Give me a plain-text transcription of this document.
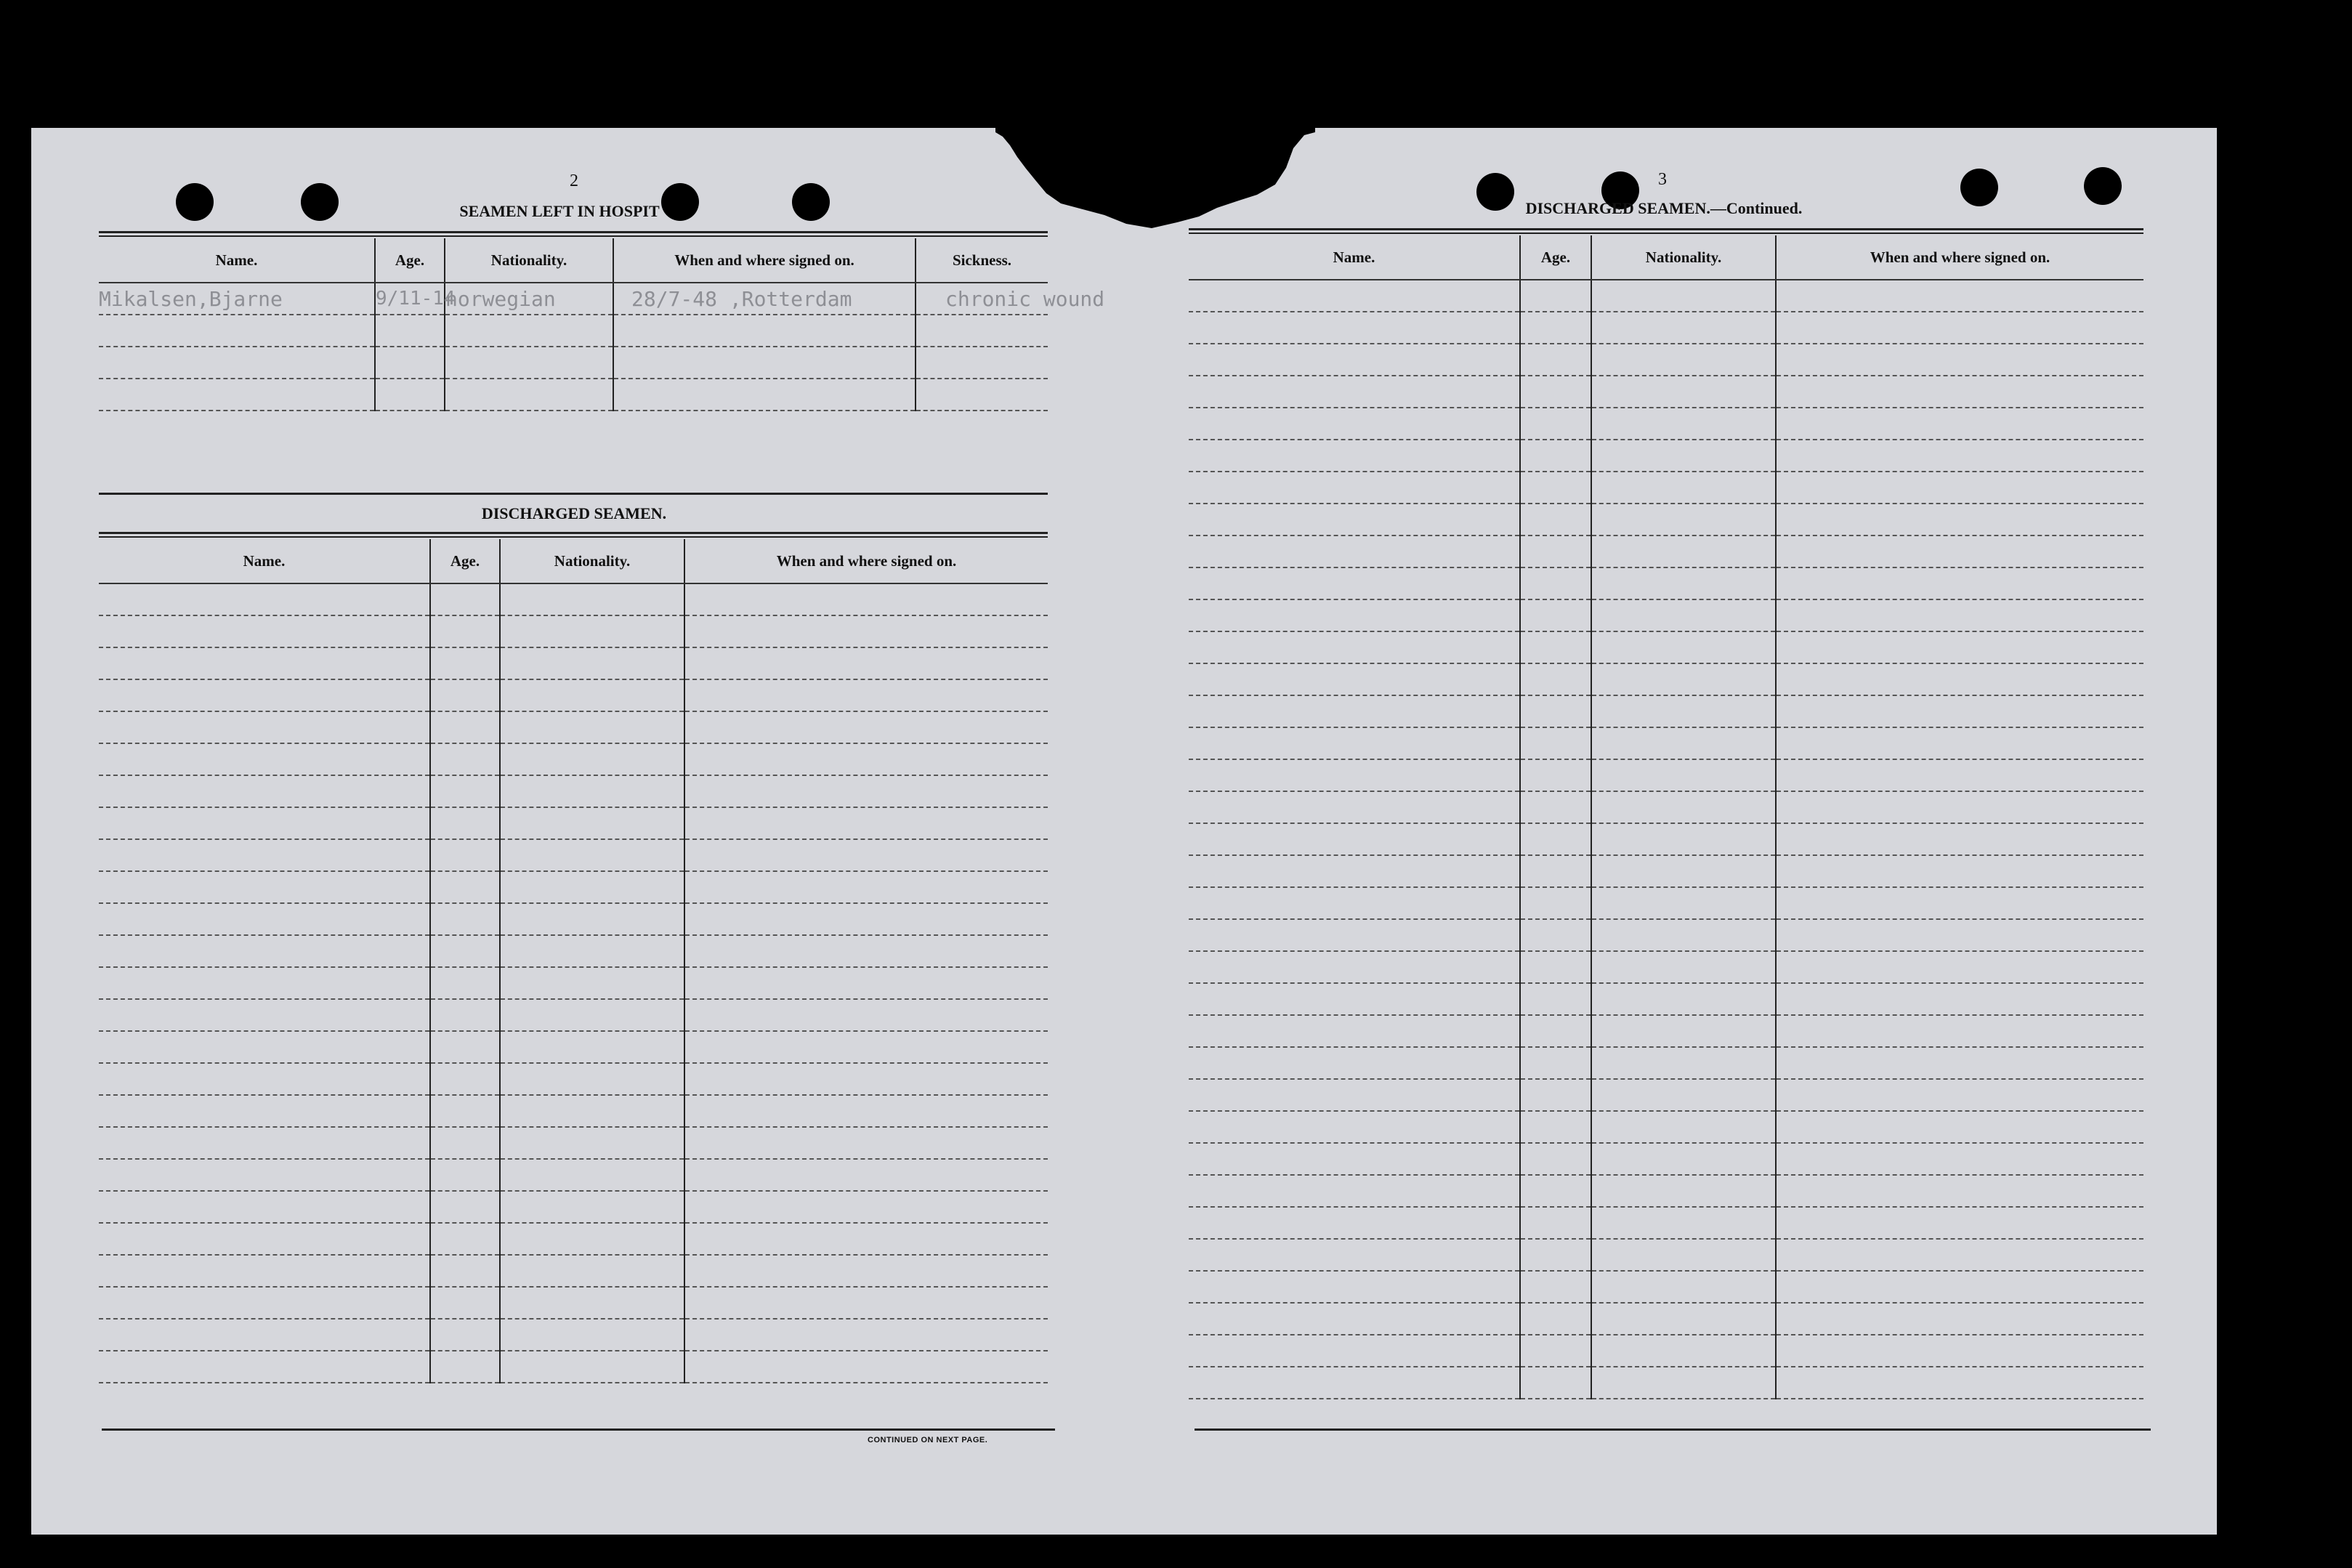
2
SEAMEN LEFT IN HOSPIT
Name.	Age.	Nationality.	When and where signed on.	Sickness.
Mikalsen,Bjarne	9/11-14	norwegian	28/7-48 ,Rotterdam	chronic wound

DISCHARGED SEAMEN.
Name.	Age.	Nationality.	When and where signed on.

CONTINUED ON NEXT PAGE.
3
DISCHARGED SEAMEN.—Continued.
Name.	Age.	Nationality.	When and where signed on.
